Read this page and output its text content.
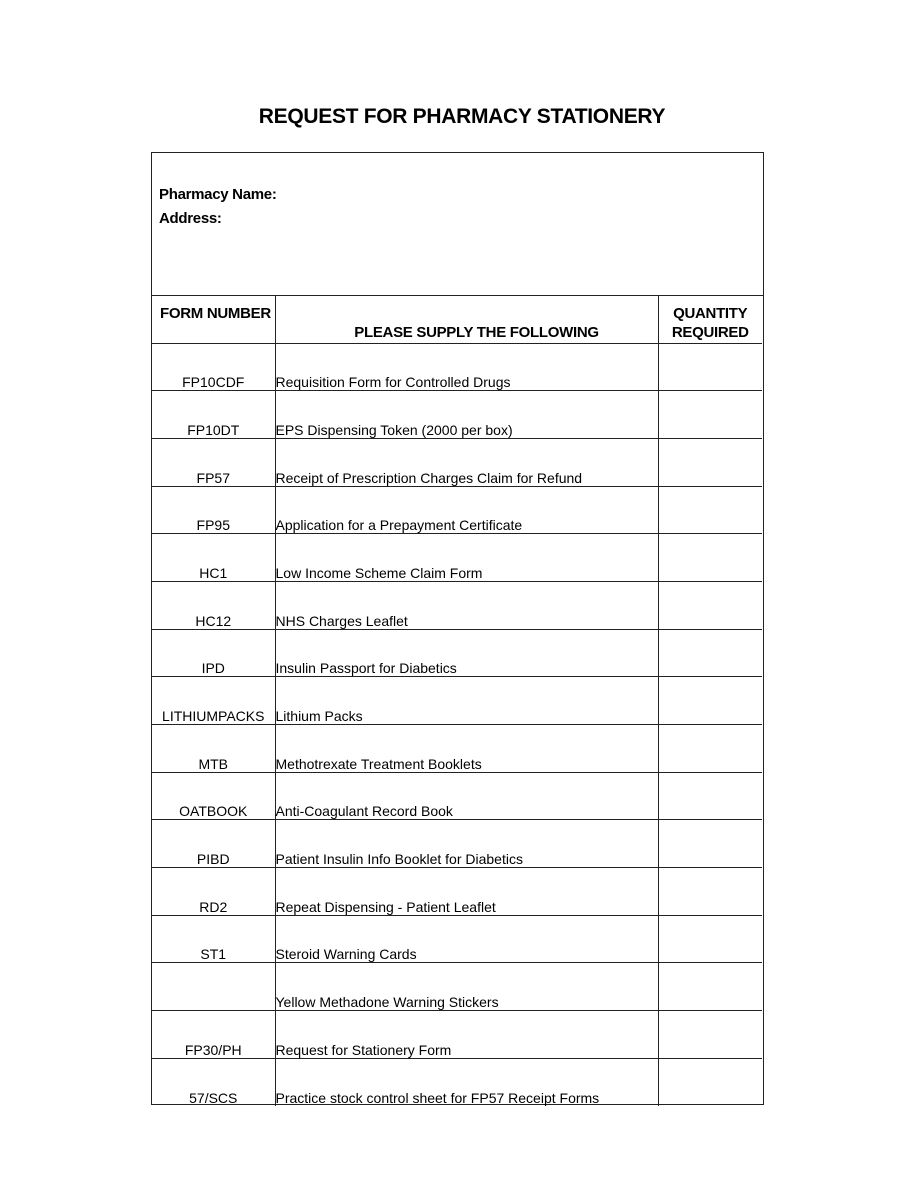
REQUEST FOR PHARMACY STATIONERY
Pharmacy Name:
Address:
FORM NUMBER	PLEASE SUPPLY THE FOLLOWING	QUANTITY
REQUIRED

FP10CDF	Requisition Form for Controlled Drugs	
FP10DT	EPS Dispensing Token (2000 per box)	
FP57	Receipt of Prescription Charges Claim for Refund	
FP95	Application for a Prepayment Certificate	
HC1	Low Income Scheme Claim Form	
HC12	NHS Charges Leaflet	
IPD	Insulin Passport for Diabetics	
LITHIUMPACKS	Lithium Packs	
MTB	Methotrexate Treatment Booklets	
OATBOOK	Anti-Coagulant Record Book	
PIBD	Patient Insulin Info Booklet for Diabetics	
RD2	Repeat Dispensing - Patient Leaflet	
ST1	Steroid Warning Cards	
	Yellow Methadone Warning Stickers	
FP30/PH	Request for Stationery Form	
57/SCS	Practice stock control sheet for FP57 Receipt Forms	
